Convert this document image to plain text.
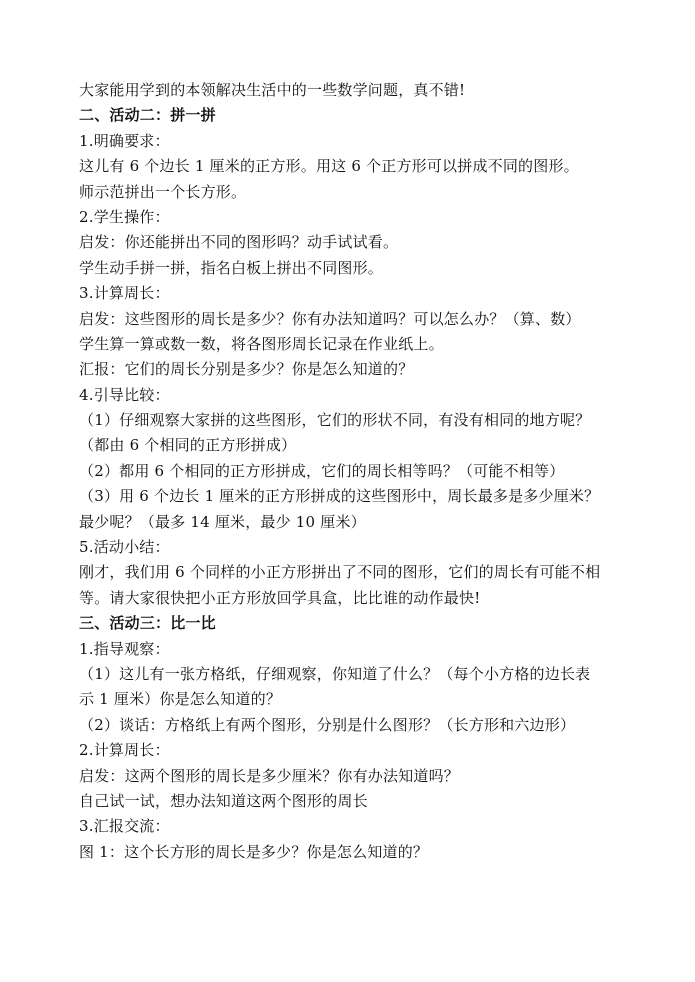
大家能用学到的本领解决生活中的一些数学问题，真不错!
二、活动二：拼一拼
1.明确要求：
这儿有 6 个边长 1 厘米的正方形。用这 6 个正方形可以拼成不同的图形。
师示范拼出一个长方形。
2.学生操作：
启发：你还能拼出不同的图形吗？动手试试看。
学生动手拼一拼，指名白板上拼出不同图形。
3.计算周长：
启发：这些图形的周长是多少？你有办法知道吗？可以怎么办？（算、数）
学生算一算或数一数，将各图形周长记录在作业纸上。
汇报：它们的周长分别是多少？你是怎么知道的？
4.引导比较：
（1）仔细观察大家拼的这些图形，它们的形状不同，有没有相同的地方呢？
（都由 6 个相同的正方形拼成）
（2）都用 6 个相同的正方形拼成，它们的周长相等吗？（可能不相等）
（3）用 6 个边长 1 厘米的正方形拼成的这些图形中，周长最多是多少厘米？
最少呢？（最多 14 厘米，最少 10 厘米）
5.活动小结：
刚才，我们用 6 个同样的小正方形拼出了不同的图形，它们的周长有可能不相
等。请大家很快把小正方形放回学具盒，比比谁的动作最快!
三、活动三：比一比
1.指导观察：
（1）这儿有一张方格纸，仔细观察，你知道了什么？（每个小方格的边长表
示 1 厘米）你是怎么知道的？
（2）谈话：方格纸上有两个图形，分别是什么图形？（长方形和六边形）
2.计算周长：
启发：这两个图形的周长是多少厘米？你有办法知道吗？
自己试一试，想办法知道这两个图形的周长
3.汇报交流：
图 1：这个长方形的周长是多少？你是怎么知道的？
